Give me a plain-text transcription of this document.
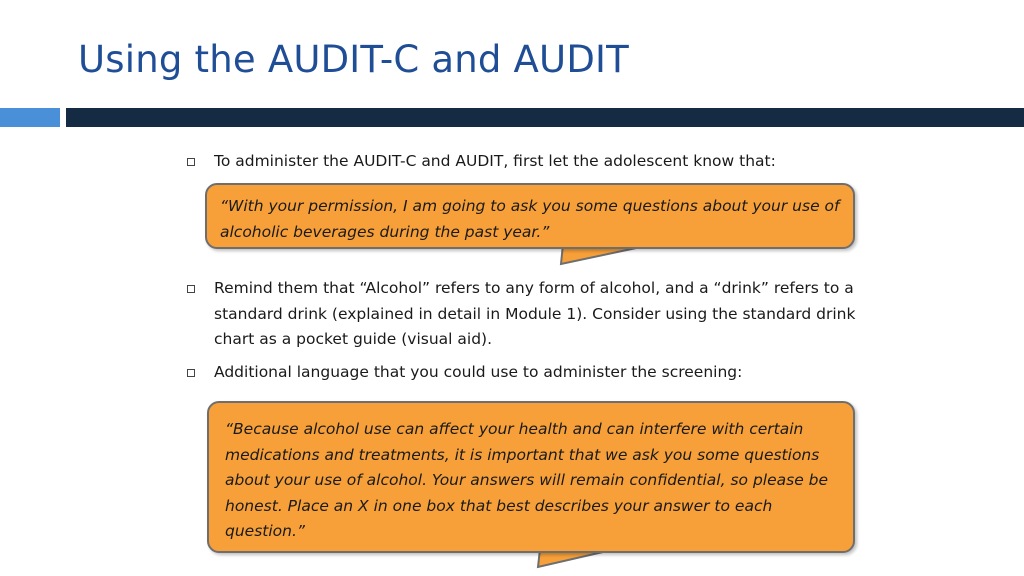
Using the AUDIT-C and AUDIT
To administer the AUDIT-C and AUDIT, first let the adolescent know that:
“With your permission, I am going to ask you some questions about your use of alcoholic beverages during the past year.”
Remind them that “Alcohol” refers to any form of alcohol, and a “drink” refers to a standard drink (explained in detail in Module 1). Consider using the standard drink chart as a pocket guide (visual aid).
Additional language that you could use to administer the screening:
“Because alcohol use can affect your health and can interfere with certain medications and treatments, it is important that we ask you some questions about your use of alcohol. Your answers will remain confidential, so please be honest. Place an X in one box that best describes your answer to each question.”
